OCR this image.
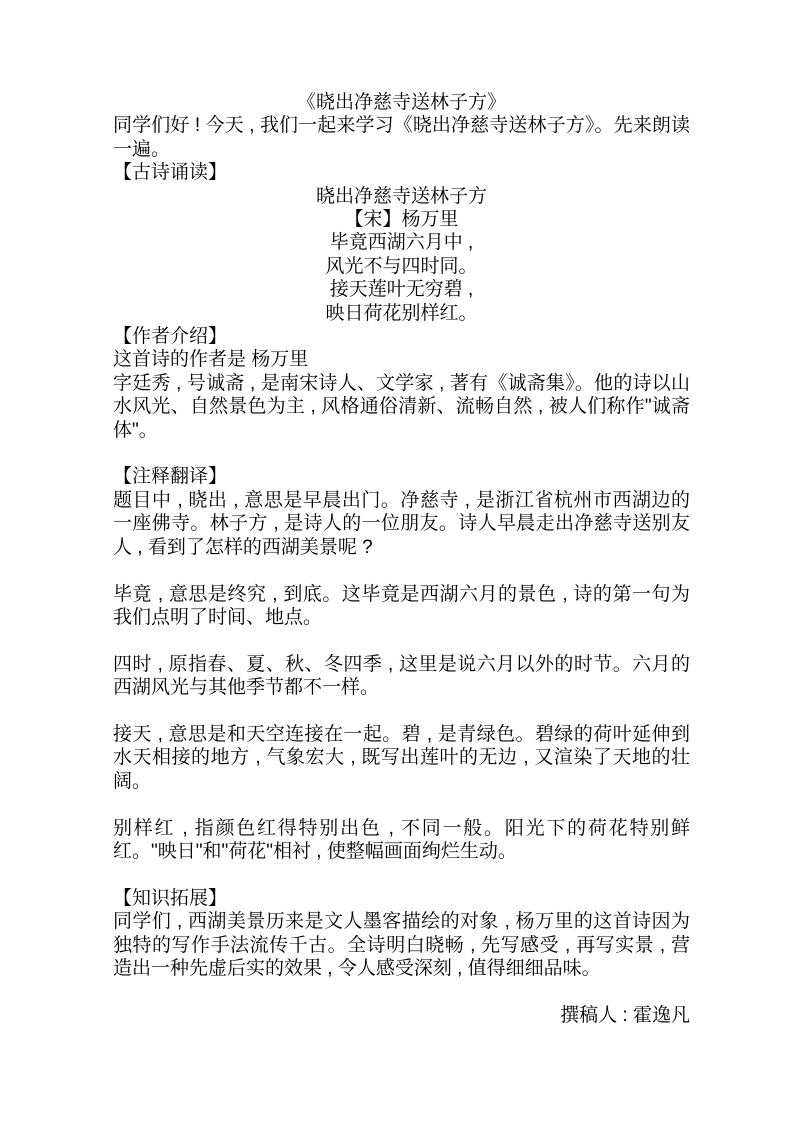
《晓出净慈寺送林子方》
同学们好 ! 今天 , 我们一起来学习《晓出净慈寺送林子方》。先来朗读一遍。
【古诗诵读】
晓出净慈寺送林子方
【宋】杨万里
毕竟西湖六月中 ,
风光不与四时同。
接天莲叶无穷碧 ,
映日荷花别样红。
【作者介绍】
这首诗的作者是 杨万里
字廷秀 , 号诚斋 , 是南宋诗人、文学家 , 著有《诚斋集》。他的诗以山水风光、自然景色为主 , 风格通俗清新、流畅自然 , 被人们称作"诚斋体"。
【注释翻译】
题目中 , 晓出 , 意思是早晨出门。净慈寺 , 是浙江省杭州市西湖边的一座佛寺。林子方 , 是诗人的一位朋友。诗人早晨走出净慈寺送别友人 , 看到了怎样的西湖美景呢 ?
毕竟 , 意思是终究 , 到底。这毕竟是西湖六月的景色 , 诗的第一句为我们点明了时间、地点。
四时 , 原指春、夏、秋、冬四季 , 这里是说六月以外的时节。六月的西湖风光与其他季节都不一样。
接天 , 意思是和天空连接在一起。碧 , 是青绿色。碧绿的荷叶延伸到水天相接的地方 , 气象宏大 , 既写出莲叶的无边 , 又渲染了天地的壮阔。
别样红 , 指颜色红得特别出色 , 不同一般。阳光下的荷花特别鲜红。"映日"和"荷花"相衬 , 使整幅画面绚烂生动。
【知识拓展】
同学们 , 西湖美景历来是文人墨客描绘的对象 , 杨万里的这首诗因为独特的写作手法流传千古。全诗明白晓畅 , 先写感受 , 再写实景 , 营造出一种先虚后实的效果 , 令人感受深刻 , 值得细细品味。
撰稿人 : 霍逸凡
